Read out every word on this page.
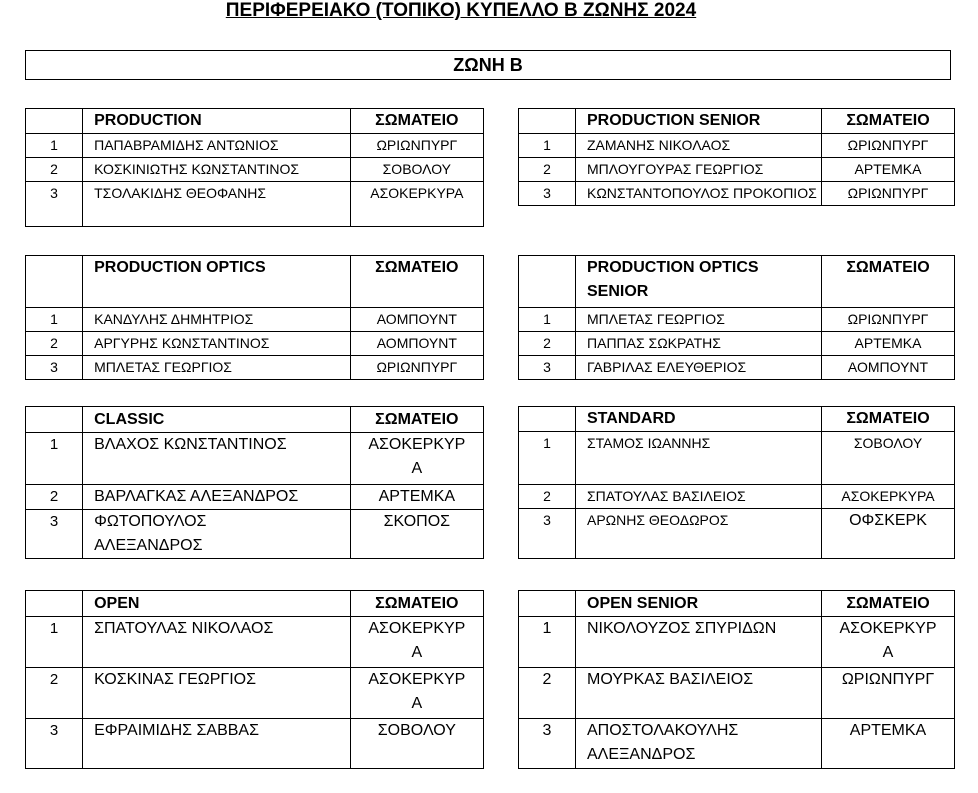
ΠΕΡΙΦΕΡΕΙΑΚΟ (ΤΟΠΙΚΟ) ΚΥΠΕΛΛΟ Β ΖΩΝΗΣ 2024
ΖΩΝΗ Β
	PRODUCTION	ΣΩΜΑΤΕΙΟ
1	ΠΑΠΑΒΡΑΜΙΔΗΣ ΑΝΤΩΝΙΟΣ	ΩΡΙΩΝΠΥΡΓ
2	ΚΟΣΚΙΝΙΩΤΗΣ ΚΩΝΣΤΑΝΤΙΝΟΣ	ΣΟΒΟΛΟΥ
3	ΤΣΟΛΑΚΙΔΗΣ ΘΕΟΦΑΝΗΣ	ΑΣΟΚΕΡΚΥΡΑ
	PRODUCTION SENIOR	ΣΩΜΑΤΕΙΟ
1	ΖΑΜΑΝΗΣ ΝΙΚΟΛΑΟΣ	ΩΡΙΩΝΠΥΡΓ
2	ΜΠΛΟΥΓΟΥΡΑΣ ΓΕΩΡΓΙΟΣ	ΑΡΤΕΜΚΑ
3	ΚΩΝΣΤΑΝΤΟΠΟΥΛΟΣ ΠΡΟΚΟΠΙΟΣ	ΩΡΙΩΝΠΥΡΓ
	PRODUCTION OPTICS	ΣΩΜΑΤΕΙΟ
1	ΚΑΝΔΥΛΗΣ ΔΗΜΗΤΡΙΟΣ	ΑΟΜΠΟΥΝΤ
2	ΑΡΓΥΡΗΣ ΚΩΝΣΤΑΝΤΙΝΟΣ	ΑΟΜΠΟΥΝΤ
3	ΜΠΛΕΤΑΣ ΓΕΩΡΓΙΟΣ	ΩΡΙΩΝΠΥΡΓ
	PRODUCTION OPTICS SENIOR	ΣΩΜΑΤΕΙΟ
1	ΜΠΛΕΤΑΣ ΓΕΩΡΓΙΟΣ	ΩΡΙΩΝΠΥΡΓ
2	ΠΑΠΠΑΣ ΣΩΚΡΑΤΗΣ	ΑΡΤΕΜΚΑ
3	ΓΑΒΡΙΛΑΣ ΕΛΕΥΘΕΡΙΟΣ	ΑΟΜΠΟΥΝΤ
	CLASSIC	ΣΩΜΑΤΕΙΟ
1	ΒΛΑΧΟΣ ΚΩΝΣΤΑΝΤΙΝΟΣ	ΑΣΟΚΕΡΚΥΡΑ
2	ΒΑΡΛΑΓΚΑΣ ΑΛΕΞΑΝΔΡΟΣ	ΑΡΤΕΜΚΑ
3	ΦΩΤΟΠΟΥΛΟΣ ΑΛΕΞΑΝΔΡΟΣ	ΣΚΟΠΟΣ
	STANDARD	ΣΩΜΑΤΕΙΟ
1	ΣΤΑΜΟΣ ΙΩΑΝΝΗΣ	ΣΟΒΟΛΟΥ
2	ΣΠΑΤΟΥΛΑΣ ΒΑΣΙΛΕΙΟΣ	ΑΣΟΚΕΡΚΥΡΑ
3	ΑΡΩΝΗΣ ΘΕΟΔΩΡΟΣ	ΟΦΣΚΕΡΚ
	OPEN	ΣΩΜΑΤΕΙΟ
1	ΣΠΑΤΟΥΛΑΣ ΝΙΚΟΛΑΟΣ	ΑΣΟΚΕΡΚΥΡΑ
2	ΚΟΣΚΙΝΑΣ ΓΕΩΡΓΙΟΣ	ΑΣΟΚΕΡΚΥΡΑ
3	ΕΦΡΑΙΜΙΔΗΣ ΣΑΒΒΑΣ	ΣΟΒΟΛΟΥ
	OPEN SENIOR	ΣΩΜΑΤΕΙΟ
1	ΝΙΚΟΛΟΥΖΟΣ ΣΠΥΡΙΔΩΝ	ΑΣΟΚΕΡΚΥΡΑ
2	ΜΟΥΡΚΑΣ ΒΑΣΙΛΕΙΟΣ	ΩΡΙΩΝΠΥΡΓ
3	ΑΠΟΣΤΟΛΑΚΟΥΛΗΣ ΑΛΕΞΑΝΔΡΟΣ	ΑΡΤΕΜΚΑ
